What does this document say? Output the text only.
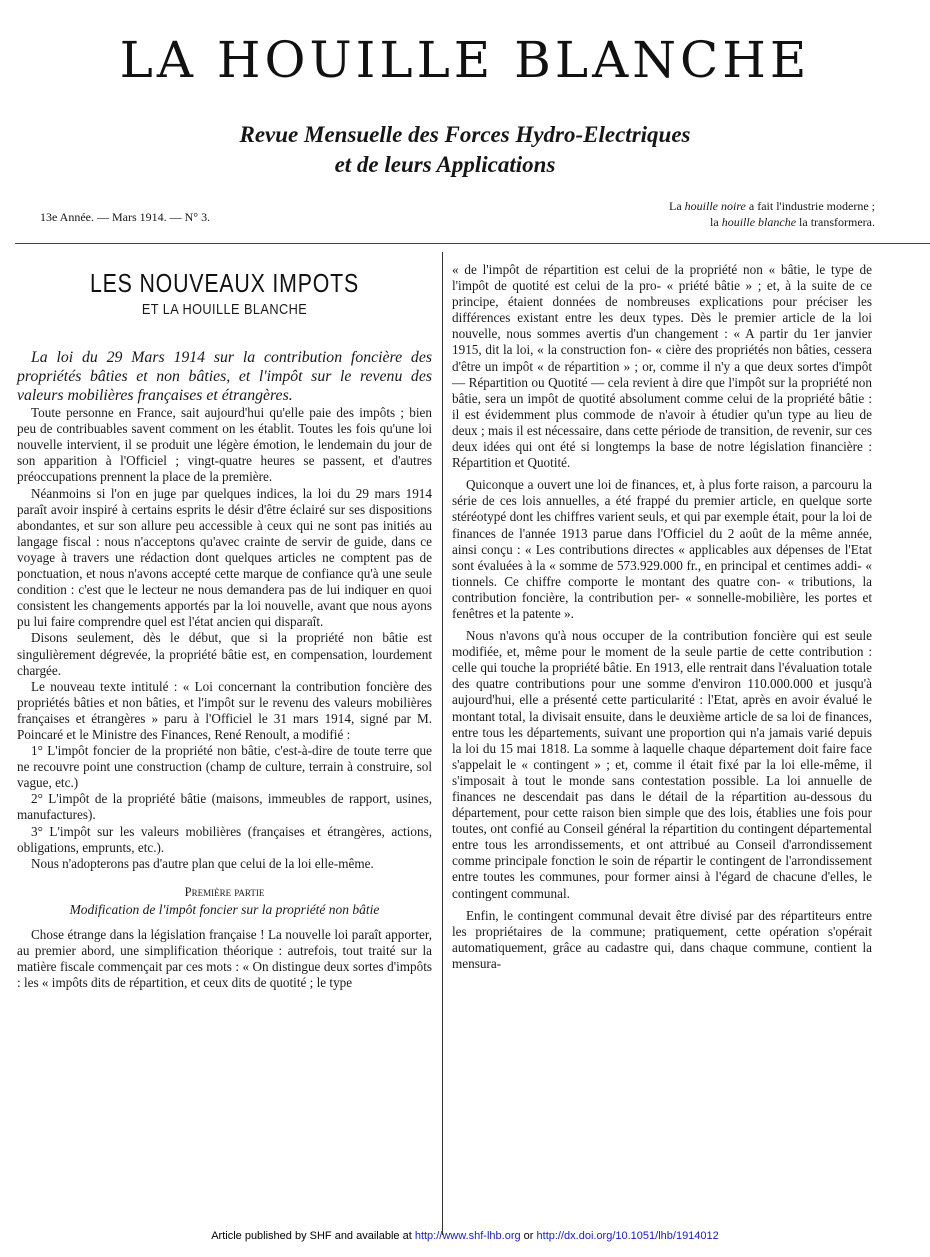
LA HOUILLE BLANCHE
Revue Mensuelle des Forces Hydro-Electriques
et de leurs Applications
13e Année. — Mars 1914. — N° 3.
La houille noire a fait l'industrie moderne ;
la houille blanche la transformera.
LES NOUVEAUX IMPOTS
ET LA HOUILLE BLANCHE

La loi du 29 Mars 1914 sur la contribution foncière des propriétés bâties et non bâties, et l'impôt sur le revenu des valeurs mobilières françaises et étrangères.

Toute personne en France, sait aujourd'hui qu'elle paie des impôts ; bien peu de contribuables savent comment on les établit. Toutes les fois qu'une loi nouvelle intervient, il se produit une légère émotion, le lendemain du jour de son apparition à l'Officiel ; vingt-quatre heures se passent, et d'autres préoccupations prennent la place de la première.

Néanmoins si l'on en juge par quelques indices, la loi du 29 mars 1914 paraît avoir inspiré à certains esprits le désir d'être éclairé sur ses dispositions abondantes, et sur son allure peu accessible à ceux qui ne sont pas initiés au langage fiscal : nous n'acceptons qu'avec crainte de servir de guide, dans ce voyage à travers une rédaction dont quelques articles ne comptent pas de ponctuation, et nous n'avons accepté cette marque de confiance qu'à une seule condition : c'est que le lecteur ne nous demandera pas de lui indiquer en quoi consistent les changements apportés par la loi nouvelle, avant que nous ayons pu lui faire comprendre quel est l'état ancien qui disparaît.

Disons seulement, dès le début, que si la propriété non bâtie est singulièrement dégrevée, la propriété bâtie est, en compensation, lourdement chargée.

Le nouveau texte intitulé : « Loi concernant la contribution foncière des propriétés bâties et non bâties, et l'impôt sur le revenu des valeurs mobilières françaises et étrangères » paru à l'Officiel le 31 mars 1914, signé par M. Poincaré et le Ministre des Finances, René Renoult, a modifié :

1° L'impôt foncier de la propriété non bâtie, c'est-à-dire de toute terre que ne recouvre point une construction (champ de culture, terrain à construire, sol vague, etc.)

2° L'impôt de la propriété bâtie (maisons, immeubles de rapport, usines, manufactures).

3° L'impôt sur les valeurs mobilières (françaises et étrangères, actions, obligations, emprunts, etc.).

Nous n'adopterons pas d'autre plan que celui de la loi elle-même.

Première partie
Modification de l'impôt foncier sur la propriété non bâtie

Chose étrange dans la législation française ! La nouvelle loi paraît apporter, au premier abord, une simplification théorique : autrefois, tout traité sur la matière fiscale commençait par ces mots : « On distingue deux sortes d'impôts : les « impôts dits de répartition, et ceux dits de quotité ; le type

« de l'impôt de répartition est celui de la propriété non « bâtie, le type de l'impôt de quotité est celui de la pro- « priété bâtie » ; et, à la suite de ce principe, étaient données de nombreuses explications pour préciser les différences existant entre les deux types. Dès le premier article de la loi nouvelle, nous sommes avertis d'un changement : « A partir du 1er janvier 1915, dit la loi, « la construction fon- « cière des propriétés non bâties, cessera d'être un impôt « de répartition » ; or, comme il n'y a que deux sortes d'impôt — Répartition ou Quotité — cela revient à dire que l'impôt sur la propriété non bâtie, sera un impôt de quotité absolument comme celui de la propriété bâtie : il est évidemment plus commode de n'avoir à étudier qu'un type au lieu de deux ; mais il est nécessaire, dans cette période de transition, de revenir, sur ces deux idées qui ont été si longtemps la base de notre législation financière : Répartition et Quotité.

Quiconque a ouvert une loi de finances, et, à plus forte raison, a parcouru la série de ces lois annuelles, a été frappé du premier article, en quelque sorte stéréotypé dont les chiffres varient seuls, et qui par exemple était, pour la loi de finances de l'année 1913 parue dans l'Officiel du 2 août de la même année, ainsi conçu : « Les contributions directes « applicables aux dépenses de l'Etat sont évaluées à la « somme de 573.929.000 fr., en principal et centimes addi- « tionnels. Ce chiffre comporte le montant des quatre con- « tributions, la contribution foncière, la contribution per- « sonnelle-mobilière, les portes et fenêtres et la patente ».

Nous n'avons qu'à nous occuper de la contribution foncière qui est seule modifiée, et, même pour le moment de la seule partie de cette contribution : celle qui touche la propriété bâtie. En 1913, elle rentrait dans l'évaluation totale des quatre contributions pour une somme d'environ 110.000.000 et jusqu'à aujourd'hui, elle a présenté cette particularité : l'Etat, après en avoir évalué le montant total, la divisait ensuite, dans le deuxième article de sa loi de finances, entre tous les départements, suivant une proportion qui n'a jamais varié depuis la loi du 15 mai 1818. La somme à laquelle chaque département doit faire face s'appelait le « contingent » ; et, comme il était fixé par la loi elle-même, il s'imposait à tout le monde sans contestation possible. La loi annuelle de finances ne descendait pas dans le détail de la répartition au-dessous du département, pour cette raison bien simple que des lois, établies une fois pour toutes, ont confié au Conseil général la répartition du contingent départemental entre tous les arrondissements, et ont attribué au Conseil d'arrondissement comme principale fonction le soin de répartir le contingent de l'arrondissement entre toutes les communes, pour former ainsi à l'égard de chacune d'elles, le contingent communal.

Enfin, le contingent communal devait être divisé par des répartiteurs entre les propriétaires de la commune; pratiquement, cette opération s'opérait automatiquement, grâce au cadastre qui, dans chaque commune, contient la mensura-

Article published by SHF and available at http://www.shf-lhb.org or http://dx.doi.org/10.1051/lhb/1914012
